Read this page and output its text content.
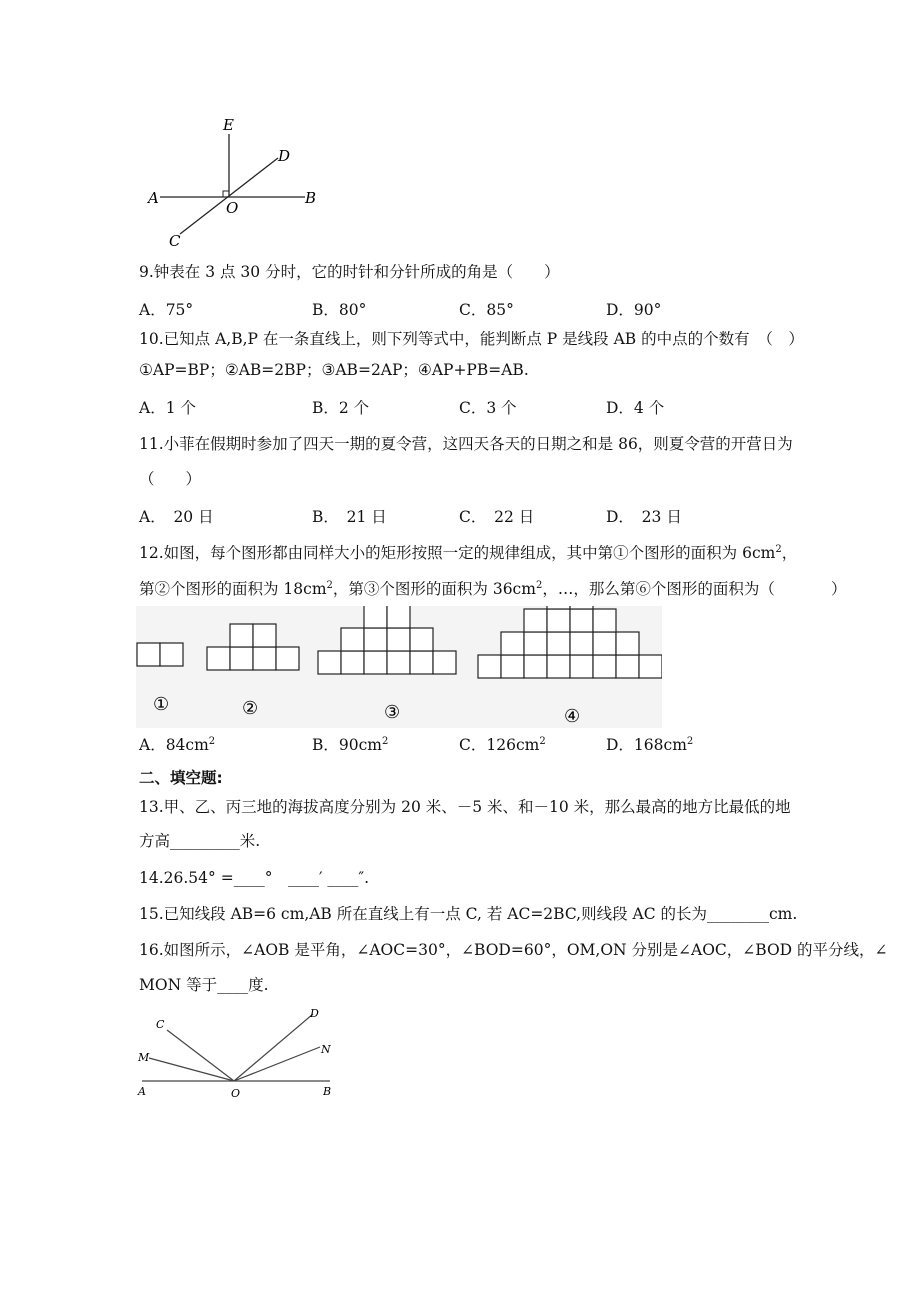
E
D
A
O
B
C
9.钟表在 3 点 30 分时，它的时针和分针所成的角是（　　）
A．75°	B．80°	C．85°	D．90°
10.已知点 A,B,P 在一条直线上，则下列等式中，能判断点 P 是线段 AB 的中点的个数有　（　）
①AP=BP；②AB=2BP；③AB=2AP；④AP+PB=AB.
A．1 个	B．2 个	C．3 个	D．4 个
11.小菲在假期时参加了四天一期的夏令营，这四天各天的日期之和是 86，则夏令营的开营日为
（　　）
A．　20 日	B．　21 日	C．　22 日	D．　23 日
12.如图，每个图形都由同样大小的矩形按照一定的规律组成，其中第①个图形的面积为 $6cm^2$，
第②个图形的面积为 $18cm^2$，第③个图形的面积为 $36cm^2$，…，那么第⑥个图形的面积为（	）
①	②	③	④
A．$84cm^2$	B．$90cm^2$	C．$126cm^2$	D．$168cm^2$
二、填空题:
13.甲、乙、丙三地的海拔高度分别为 20 米、－5 米、和－10 米，那么最高的地方比最低的地
方高_________米.
14.26.54° =____°　____′ ____″.
15.已知线段 AB=6 cm,AB 所在直线上有一点 C, 若 AC=2BC,则线段 AC 的长为________cm.
16.如图所示，∠AOB 是平角，∠AOC=30°，∠BOD=60°，OM,ON 分别是∠AOC，∠BOD 的平分线，∠
MON 等于____度.
C
D
M
N
A	O	B
